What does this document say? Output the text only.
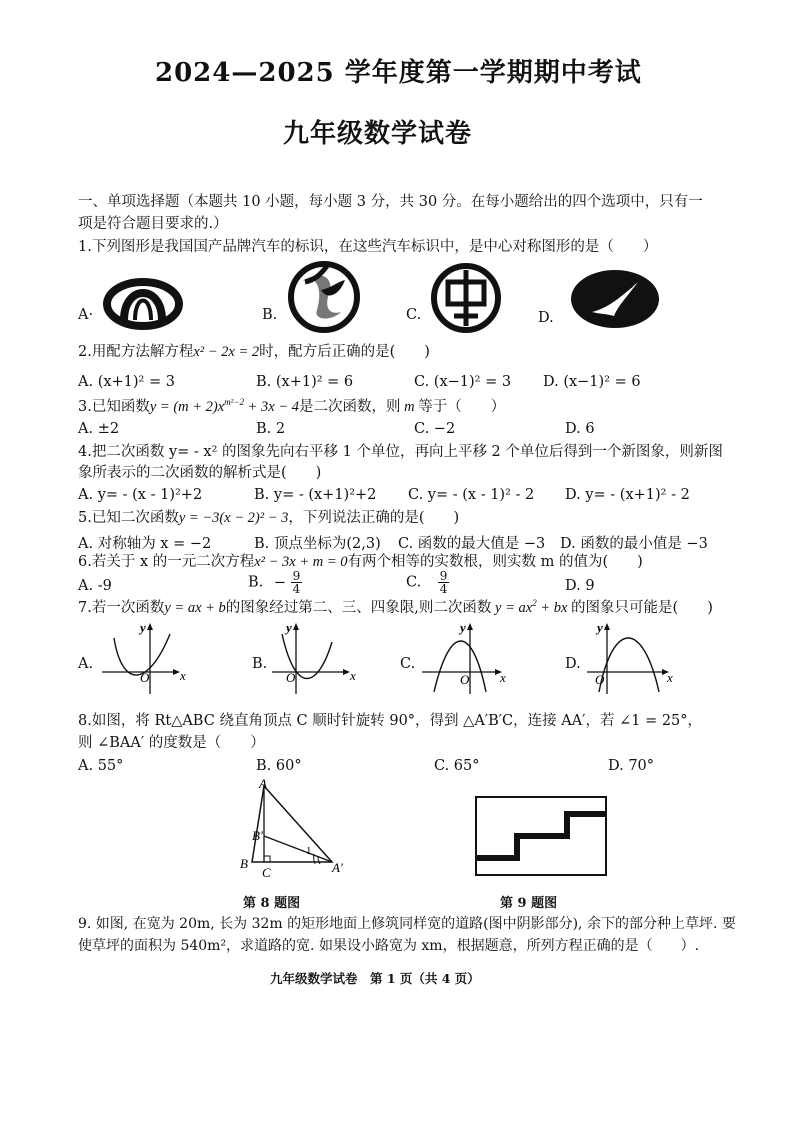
2024—2025 学年度第一学期期中考试
九年级数学试卷
一、单项选择题（本题共 10 小题，每小题 3 分，共 30 分。在每小题给出的四个选项中，只有一
项是符合题目要求的.）
1.下列图形是我国国产品牌汽车的标识，在这些汽车标识中，是中心对称图形的是（　　）
A·	B.	C.	D.
2.用配方法解方程x² − 2x = 2时，配方后正确的是(　　)
A. (x+1)² = 3	B. (x+1)² = 6	C. (x−1)² = 3 D. (x−1)² = 6
3.已知函数$y = (m + 2)x^{m^2-2} + 3x - 4$是二次函数，则 m 等于（　　）
A. ±2	B. 2	C. −2	D. 6
4.把二次函数 y= - x² 的图象先向右平移 1 个单位，再向上平移 2 个单位后得到一个新图象，则新图
象所表示的二次函数的解析式是(　　)
A. y= - (x - 1)²+2	B. y= - (x+1)²+2 C. y= - (x - 1)² - 2 D. y= - (x+1)² - 2
5.已知二次函数y = −3(x − 2)² − 3，下列说法正确的是(　　)
A. 对称轴为 x = −2	B. 顶点坐标为(2,3) C. 函数的最大值是 −3 D. 函数的最小值是 −3
6.若关于 x 的一元二次方程x² − 3x + m = 0有两个相等的实数根，则实数 m 的值为(　　)
A. -9	B. − $\frac{9}{4}$	C. $\frac{9}{4}$	D. 9
7.若一次函数y = ax + b的图象经过第二、三、四象限,则二次函数 $y = ax^2$ + bx 的图象只可能是(　　)
A.
x
y
O
B.
x
y
O
C.
x
y
O
D.
x
y
O
8.如图，将 Rt△ABC 绕直角顶点 C 顺时针旋转 90°，得到 △A′B′C，连接 AA′，若 ∠1 = 25°，
则 ∠BAA′ 的度数是（　　）
A. 55°	B. 60°	C. 65°	D. 70°
A
B′
B
C	A′
1
第 8 题图	第 9 题图
9. 如图, 在宽为 20m, 长为 32m 的矩形地面上修筑同样宽的道路(图中阴影部分), 余下的部分种上草坪. 要
使草坪的面积为 540m²，求道路的宽. 如果设小路宽为 xm，根据题意，所列方程正确的是（　　）.
九年级数学试卷　第 1 页（共 4 页）
